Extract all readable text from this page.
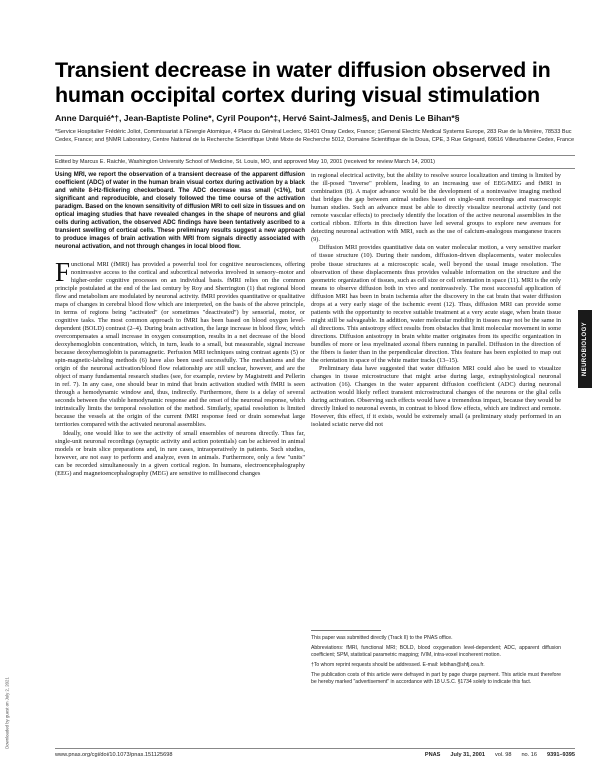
Transient decrease in water diffusion observed in human occipital cortex during visual stimulation
Anne Darquié*†, Jean-Baptiste Poline*, Cyril Poupon*‡, Hervé Saint-Jalmes§, and Denis Le Bihan*§
*Service Hospitalier Frédéric Joliot, Commissariat à l'Energie Atomique, 4 Place du Général Leclerc, 91401 Orsay Cedex, France; ‡General Electric Medical Systems Europe, 283 Rue de la Minière, 78533 Buc Cedex, France; and §NMR Laboratory, Centre National de la Recherche Scientifique Unité Mixte de Recherche 5012, Domaine Scientifique de la Doua, CPE, 3 Rue Grignard, 69616 Villeurbanne Cedex, France
Edited by Marcus E. Raichle, Washington University School of Medicine, St. Louis, MO, and approved May 10, 2001 (received for review March 14, 2001)

Using MRI, we report the observation of a transient decrease of the apparent diffusion coefficient (ADC) of water in the human brain visual cortex during activation by a black and white 8-Hz-flickering checkerboard. The ADC decrease was small (<1%), but significant and reproducible, and closely followed the time course of the activation paradigm. Based on the known sensitivity of diffusion MRI to cell size in tissues and on optical imaging studies that have revealed changes in the shape of neurons and glial cells during activation, the observed ADC findings have been tentatively ascribed to a transient swelling of cortical cells. These preliminary results suggest a new approach to produce images of brain activation with MRI from signals directly associated with neuronal activation, and not through changes in local blood flow.

Functional MRI (fMRI) has provided a powerful tool for cognitive neurosciences, offering noninvasive access to the cortical and subcortical networks involved in sensory–motor and higher-order cognitive processes on an individual basis. fMRI relies on the common principle postulated at the end of the last century by Roy and Sherrington (1) that regional blood flow and metabolism are modulated by neuronal activity. fMRI provides quantitative or qualitative maps of changes in cerebral blood flow which are interpreted, on the basis of the above principle, in terms of regions being "activated" (or sometimes "deactivated") by sensorial, motor, or cognitive tasks. The most common approach to fMRI has been based on blood oxygen level-dependent (BOLD) contrast (2–4). During brain activation, the large increase in blood flow, which overcompensates a small increase in oxygen consumption, results in a net decrease of the blood deoxyhemoglobin concentration, which, in turn, leads to a small, but measurable, signal increase because deoxyhemoglobin is paramagnetic. Perfusion MRI techniques using contrast agents (5) or spin-magnetic-labeling methods (6) have also been used successfully. The mechanisms and the origin of the neuronal activation/blood flow relationship are still unclear, however, and are the object of many fundamental research studies (see, for example, review by Magistretti and Pellerin in ref. 7). In any case, one should bear in mind that brain activation studied with fMRI is seen through a hemodynamic window and, thus, indirectly. Furthermore, there is a delay of several seconds between the visible hemodynamic response and the onset of the neuronal response, which intrinsically limits the temporal resolution of the method. Similarly, spatial resolution is limited because the vessels at the origin of the current fMRI response feed or drain somewhat large territories compared with the activated neuronal assemblies.

Ideally, one would like to see the activity of small ensembles of neurons directly. Thus far, single-unit neuronal recordings (synaptic activity and action potentials) can be achieved in animal models or brain slice preparations and, in rare cases, intraoperatively in patients. Such studies, however, are not easy to perform and analyze, even in animals. Furthermore, only a few "units" can be recorded simultaneously in a given cortical region. In humans, electroencephalography (EEG) and magnetoencephalography (MEG) are sensitive to millisecond changes

in regional electrical activity, but the ability to resolve source localization and timing is limited by the ill-posed "inverse" problem, leading to an increasing use of EEG/MEG and fMRI in combination (8). A major advance would be the development of a noninvasive imaging method that bridges the gap between animal studies based on single-unit recordings and macroscopic human studies. Such an advance must be able to directly visualize neuronal activity (and not remote vascular effects) to precisely identify the location of the active neuronal assemblies in the cortical ribbon. Efforts in this direction have led several groups to explore new avenues for detecting neuronal activation with MRI, such as the use of calcium-analogous manganese tracers (9).

Diffusion MRI provides quantitative data on water molecular motion, a very sensitive marker of tissue structure (10). During their random, diffusion-driven displacements, water molecules probe tissue structures at a microscopic scale, well beyond the usual image resolution. The observation of these displacements thus provides valuable information on the structure and the geometric organization of tissues, such as cell size or cell orientation in space (11). MRI is the only means to observe diffusion both in vivo and noninvasively. The most successful application of diffusion MRI has been in brain ischemia after the discovery in the cat brain that water diffusion drops at a very early stage of the ischemic event (12). Thus, diffusion MRI can provide some patients with the opportunity to receive suitable treatment at a very acute stage, when brain tissue might still be salvageable. In addition, water molecular mobility in tissues may not be the same in all directions. This anisotropy effect results from obstacles that limit molecular movement in some directions. Diffusion anisotropy in brain white matter originates from its specific organization in bundles of more or less myelinated axonal fibers running in parallel. Diffusion in the direction of the fibers is faster than in the perpendicular direction. This feature has been exploited to map out the orientation in space of the white matter tracks (13–15).

Preliminary data have suggested that water diffusion MRI could also be used to visualize changes in tissue microstructure that might arise during large, extraphysiological neuronal activation (16). Changes in the water apparent diffusion coefficient (ADC) during neuronal activation would likely reflect transient microstructural changes of the neurons or the glial cells during activation. Observing such effects would have a tremendous impact, because they would be directly linked to neuronal events, in contrast to blood flow effects, which are indirect and remote. However, this effect, if it exists, would be extremely small (a preliminary study performed in an isolated sciatic nerve did not

This paper was submitted directly (Track II) to the PNAS office.
Abbreviations: fMRI, functional MRI; BOLD, blood oxygenation level-dependent; ADC, apparent diffusion coefficient; SPM, statistical parametric mapping; IVIM, intra-voxel incoherent motion.
†To whom reprint requests should be addressed. E-mail: lebihan@shfj.cea.fr.
The publication costs of this article were defrayed in part by page charge payment. This article must therefore be hereby marked "advertisement" in accordance with 18 U.S.C. §1734 solely to indicate this fact.
NEUROBIOLOGY
Downloaded by guest on July 2, 2021
www.pnas.org/cgi/doi/10.1073/pnas.151125698	PNAS July 31, 2001 vol. 98 no. 16 9391–9395
